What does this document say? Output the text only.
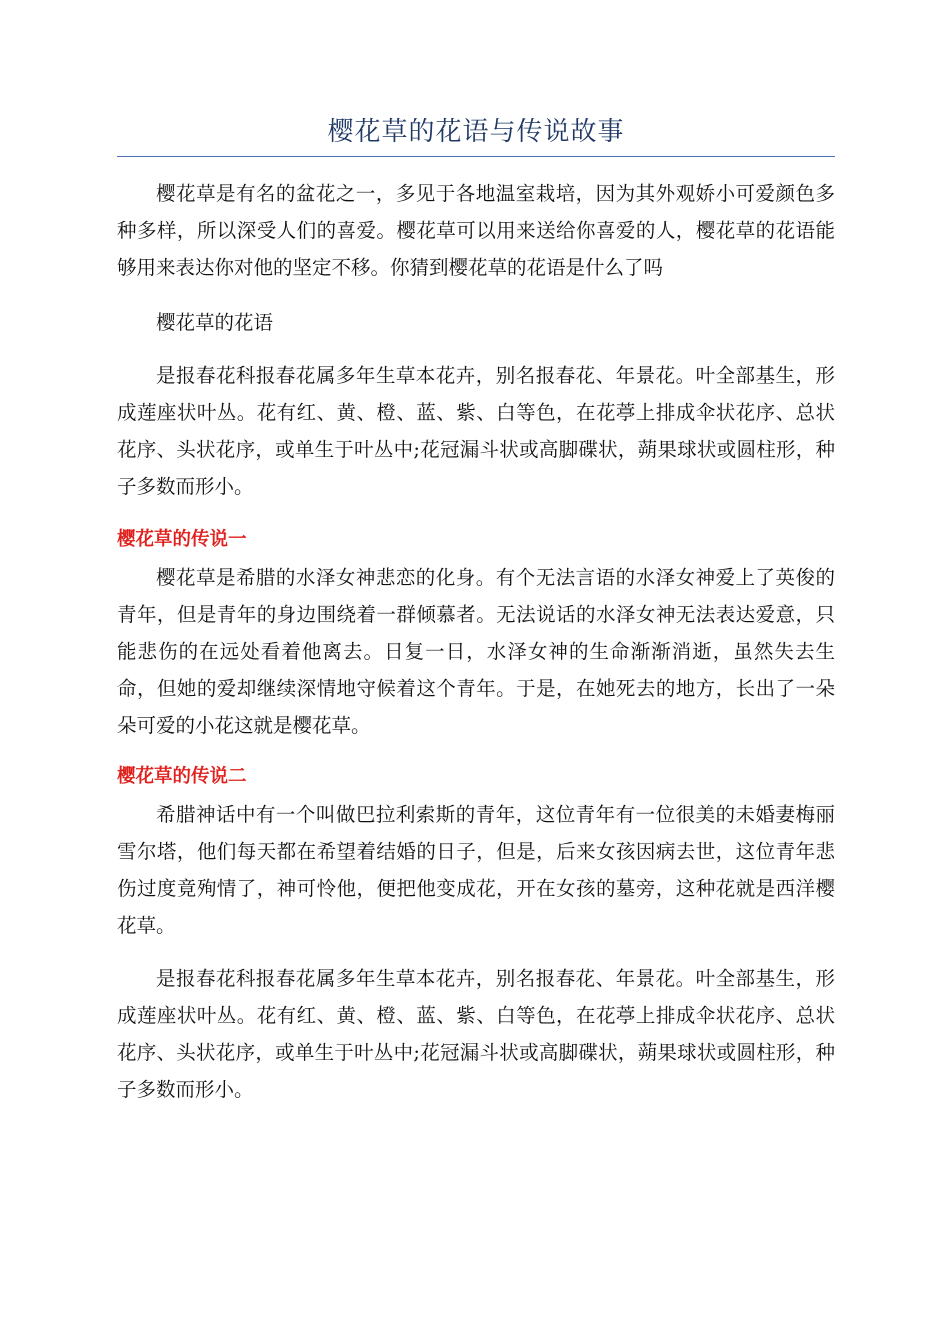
樱花草的花语与传说故事

樱花草是有名的盆花之一，多见于各地温室栽培，因为其外观娇小可爱颜色多种多样，所以深受人们的喜爱。樱花草可以用来送给你喜爱的人，樱花草的花语能够用来表达你对他的坚定不移。你猜到樱花草的花语是什么了吗

樱花草的花语

是报春花科报春花属多年生草本花卉，别名报春花、年景花。叶全部基生，形成莲座状叶丛。花有红、黄、橙、蓝、紫、白等色，在花葶上排成伞状花序、总状花序、头状花序，或单生于叶丛中;花冠漏斗状或高脚碟状，蒴果球状或圆柱形，种子多数而形小。

樱花草的传说一

樱花草是希腊的水泽女神悲恋的化身。有个无法言语的水泽女神爱上了英俊的青年，但是青年的身边围绕着一群倾慕者。无法说话的水泽女神无法表达爱意，只能悲伤的在远处看着他离去。日复一日，水泽女神的生命渐渐消逝，虽然失去生命，但她的爱却继续深情地守候着这个青年。于是，在她死去的地方，长出了一朵朵可爱的小花这就是樱花草。

樱花草的传说二

希腊神话中有一个叫做巴拉利索斯的青年，这位青年有一位很美的未婚妻梅丽雪尔塔，他们每天都在希望着结婚的日子，但是，后来女孩因病去世，这位青年悲伤过度竟殉情了，神可怜他，便把他变成花，开在女孩的墓旁，这种花就是西洋樱花草。

是报春花科报春花属多年生草本花卉，别名报春花、年景花。叶全部基生，形成莲座状叶丛。花有红、黄、橙、蓝、紫、白等色，在花葶上排成伞状花序、总状花序、头状花序，或单生于叶丛中;花冠漏斗状或高脚碟状，蒴果球状或圆柱形，种子多数而形小。
